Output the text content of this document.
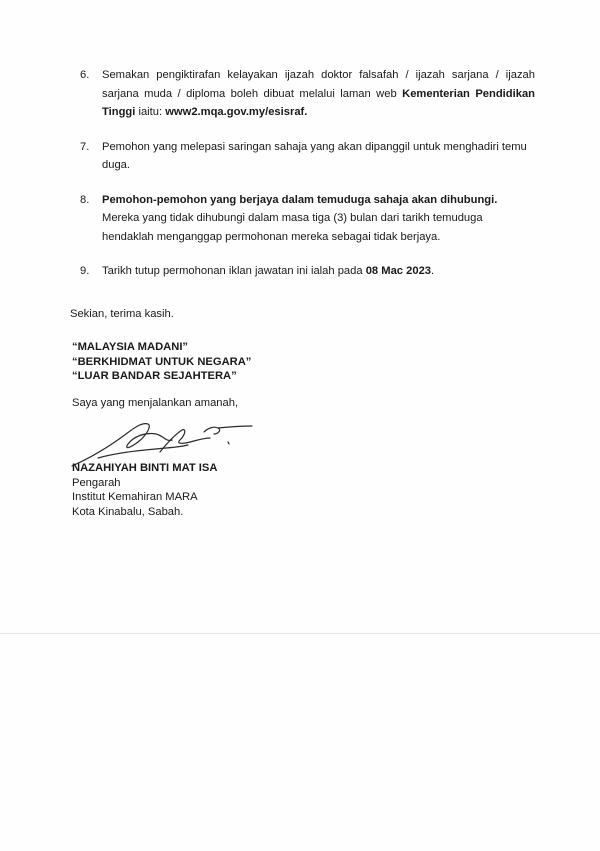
6. Semakan pengiktirafan kelayakan ijazah doktor falsafah / ijazah sarjana / ijazah sarjana muda / diploma boleh dibuat melalui laman web Kementerian Pendidikan Tinggi iaitu: www2.mqa.gov.my/esisraf.
7. Pemohon yang melepasi saringan sahaja yang akan dipanggil untuk menghadiri temu duga.
8. Pemohon-pemohon yang berjaya dalam temuduga sahaja akan dihubungi. Mereka yang tidak dihubungi dalam masa tiga (3) bulan dari tarikh temuduga hendaklah menganggap permohonan mereka sebagai tidak berjaya.
9. Tarikh tutup permohonan iklan jawatan ini ialah pada 08 Mac 2023.
Sekian, terima kasih.
“MALAYSIA MADANI”
“BERKHIDMAT UNTUK NEGARA”
“LUAR BANDAR SEJAHTERA”
Saya yang menjalankan amanah,
NAZAHIYAH BINTI MAT ISA
Pengarah
Institut Kemahiran MARA
Kota Kinabalu, Sabah.
